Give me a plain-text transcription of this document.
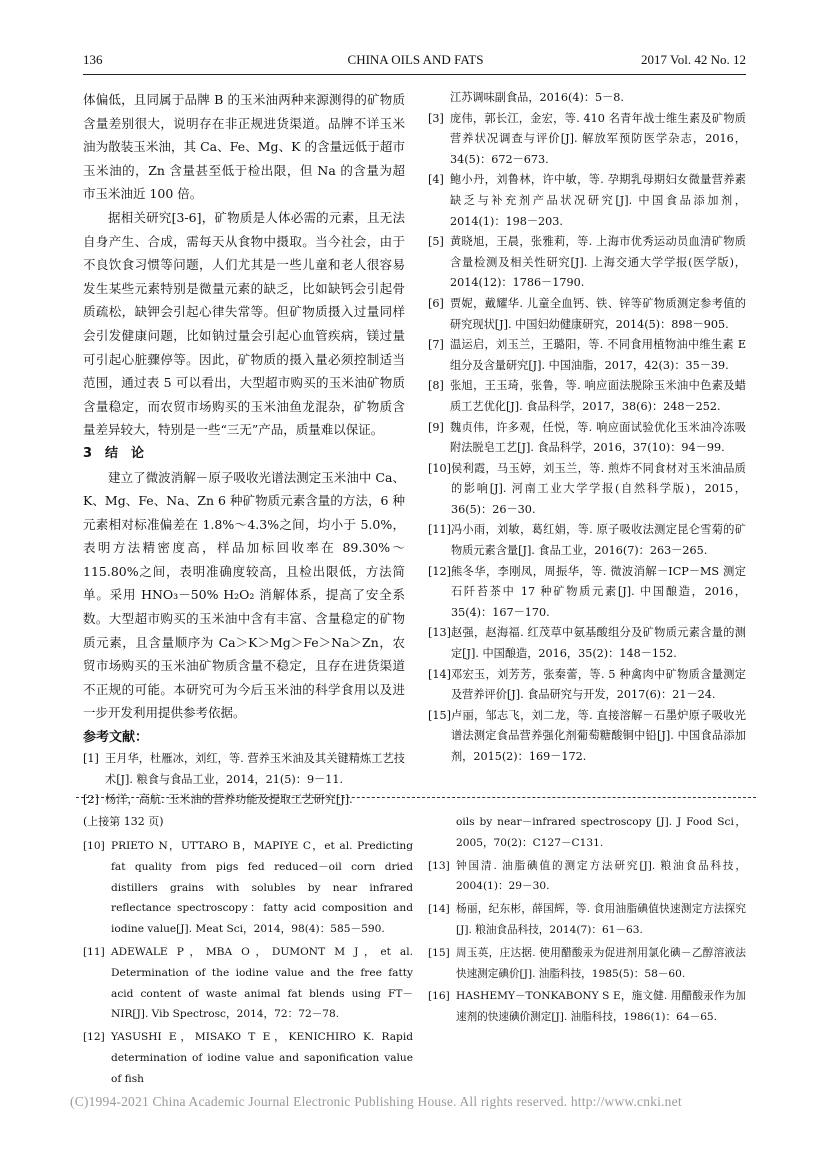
136	CHINA OILS AND FATS	2017 Vol. 42 No. 12

体偏低，且同属于品牌 B 的玉米油两种来源测得的矿物质含量差别很大，说明存在非正规进货渠道。品牌不详玉米油为散装玉米油，其 Ca、Fe、Mg、K 的含量远低于超市玉米油的，Zn 含量甚至低于检出限，但 Na 的含量为超市玉米油近 100 倍。

据相关研究[3-6]，矿物质是人体必需的元素，且无法自身产生、合成，需每天从食物中摄取。当今社会，由于不良饮食习惯等问题，人们尤其是一些儿童和老人很容易发生某些元素特别是微量元素的缺乏，比如缺钙会引起骨质疏松，缺钾会引起心律失常等。但矿物质摄入过量同样会引发健康问题，比如钠过量会引起心血管疾病，镁过量可引起心脏骤停等。因此，矿物质的摄入量必须控制适当范围，通过表 5 可以看出，大型超市购买的玉米油矿物质含量稳定，而农贸市场购买的玉米油鱼龙混杂，矿物质含量差异较大，特别是一些“三无”产品，质量难以保证。

3　结　论

建立了微波消解－原子吸收光谱法测定玉米油中 Ca、K、Mg、Fe、Na、Zn 6 种矿物质元素含量的方法，6 种元素相对标准偏差在 1.8%～4.3%之间，均小于 5.0%，表明方法精密度高，样品加标回收率在 89.30%～115.80%之间，表明准确度较高，且检出限低，方法简单。采用 HNO₃－50% H₂O₂ 消解体系，提高了安全系数。大型超市购买的玉米油中含有丰富、含量稳定的矿物质元素，且含量顺序为 Ca＞K＞Mg＞Fe＞Na＞Zn，农贸市场购买的玉米油矿物质含量不稳定，且存在进货渠道不正规的可能。本研究可为今后玉米油的科学食用以及进一步开发利用提供参考依据。

参考文献：

[1] 王月华，杜雁冰，刘红，等. 营养玉米油及其关键精炼工艺技术[J]. 粮食与食品工业，2014，21(5)：9－11.
[2] 杨洋，高航. 玉米油的营养功能及提取工艺研究[J].
江苏调味副食品，2016(4)：5－8.
[3] 庞伟，郭长江，金宏，等. 410 名青年战士维生素及矿物质营养状况调查与评价[J]. 解放军预防医学杂志，2016，34(5)：672－673.
[4] 鲍小丹，刘鲁林，许中敏，等. 孕期乳母期妇女微量营养素缺乏与补充剂产品状况研究[J]. 中国食品添加剂，2014(1)：198－203.
[5] 黄晓旭，王晨，张雅莉，等. 上海市优秀运动员血清矿物质含量检测及相关性研究[J]. 上海交通大学学报(医学版)，2014(12)：1786－1790.
[6] 贾妮，戴耀华. 儿童全血钙、铁、锌等矿物质测定参考值的研究现状[J]. 中国妇幼健康研究，2014(5)：898－905.
[7] 温运启，刘玉兰，王璐阳，等. 不同食用植物油中维生素 E 组分及含量研究[J]. 中国油脂，2017，42(3)：35－39.
[8] 张旭，王玉琦，张鲁，等. 响应面法脱除玉米油中色素及蜡质工艺优化[J]. 食品科学，2017，38(6)：248－252.
[9] 魏贞伟，许多观，任悦，等. 响应面试验优化玉米油冷冻吸附法脱皂工艺[J]. 食品科学，2016，37(10)：94－99.
[10] 侯利霞，马玉婷，刘玉兰，等. 煎炸不同食材对玉米油品质的影响[J]. 河南工业大学学报(自然科学版)，2015，36(5)：26－30.
[11] 冯小雨，刘敏，葛红娟，等. 原子吸收法测定昆仑雪菊的矿物质元素含量[J]. 食品工业，2016(7)：263－265.
[12] 熊冬华，李刚凤，周振华，等. 微波消解－ICP－MS 测定石阡苔茶中 17 种矿物质元素[J]. 中国酿造，2016，35(4)：167－170.
[13] 赵强，赵海福. 红茂草中氨基酸组分及矿物质元素含量的测定[J]. 中国酿造，2016，35(2)：148－152.
[14] 邓宏玉，刘芳芳，张秦蕾，等. 5 种禽肉中矿物质含量测定及营养评价[J]. 食品研究与开发，2017(6)：21－24.
[15] 卢丽，邹志飞，刘二龙，等. 直接溶解－石墨炉原子吸收光谱法测定食品营养强化剂葡萄糖酸铜中铅[J]. 中国食品添加剂，2015(2)：169－172.

(上接第 132 页)

[10] PRIETO N，UTTARO B，MAPIYE C，et al. Predicting fat quality from pigs fed reduced－oil corn dried distillers grains with solubles by near infrared reflectance spectroscopy：fatty acid composition and iodine value[J]. Meat Sci，2014，98(4)：585－590.
[11] ADEWALE P，MBA O，DUMONT M J，et al. Determination of the iodine value and the free fatty acid content of waste animal fat blends using FT－NIR[J]. Vib Spectrosc，2014，72：72－78.
[12] YASUSHI E，MISAKO T E，KENICHIRO K. Rapid determination of iodine value and saponification value of fish
oils by near－infrared spectroscopy [J]. J Food Sci，2005，70(2)：C127－C131.
[13] 钟国清. 油脂碘值的测定方法研究[J]. 粮油食品科技，2004(1)：29－30.
[14] 杨丽，纪东彬，薛国辉，等. 食用油脂碘值快速测定方法探究[J]. 粮油食品科技，2014(7)：61－63.
[15] 周玉英，庄达据. 使用醋酸汞为促进剂用氯化碘－乙醇溶液法快速测定碘价[J]. 油脂科技，1985(5)：58－60.
[16] HASHEMY－TONKABONY S E，施文健. 用醋酸汞作为加速剂的快速碘价测定[J]. 油脂科技，1986(1)：64－65.
(C)1994-2021 China Academic Journal Electronic Publishing House. All rights reserved. http://www.cnki.net
